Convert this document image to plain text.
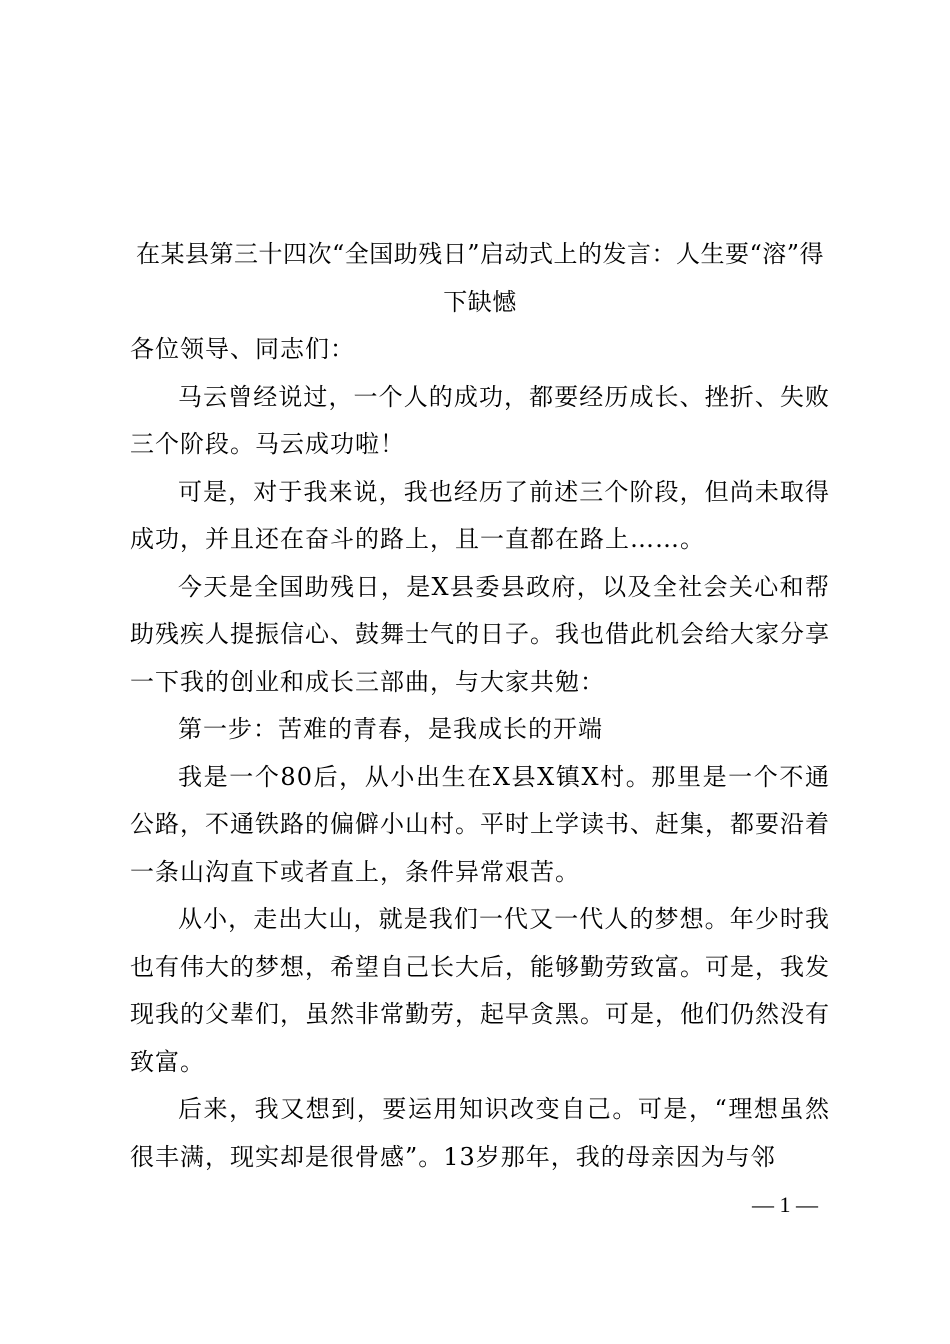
在某县第三十四次“全国助残日”启动式上的发言：人生要“溶”得下缺憾

各位领导、同志们：

马云曾经说过，一个人的成功，都要经历成长、挫折、失败三个阶段。马云成功啦！

可是，对于我来说，我也经历了前述三个阶段，但尚未取得成功，并且还在奋斗的路上，且一直都在路上……。

今天是全国助残日，是X县委县政府，以及全社会关心和帮助残疾人提振信心、鼓舞士气的日子。我也借此机会给大家分享一下我的创业和成长三部曲，与大家共勉：

第一步：苦难的青春，是我成长的开端

我是一个80后，从小出生在X县X镇X村。那里是一个不通公路，不通铁路的偏僻小山村。平时上学读书、赶集，都要沿着一条山沟直下或者直上，条件异常艰苦。

从小，走出大山，就是我们一代又一代人的梦想。年少时我也有伟大的梦想，希望自己长大后，能够勤劳致富。可是，我发现我的父辈们，虽然非常勤劳，起早贪黑。可是，他们仍然没有致富。

后来，我又想到，要运用知识改变自己。可是，“理想虽然很丰满，现实却是很骨感”。13岁那年，我的母亲因为与邻

— 1 —
